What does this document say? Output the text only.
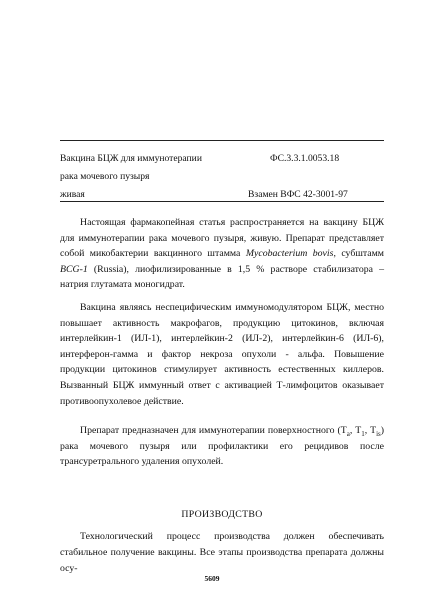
Вакцина БЦЖ для иммунотерапии	ФС.3.3.1.0053.18
рака мочевого пузыря
живая	Взамен ВФС 42-3001-97

Настоящая фармакопейная статья распространяется на вакцину БЦЖ для иммунотерапии рака мочевого пузыря, живую. Препарат представляет собой микобактерии вакцинного штамма Mycobacterium bovis, субштамм BCG-1 (Russia), лиофилизированные в 1,5 % растворе стабилизатора – натрия глутамата моногидрат.

Вакцина являясь неспецифическим иммуномодулятором БЦЖ, местно повышает активность макрофагов, продукцию цитокинов, включая интерлейкин-1 (ИЛ-1), интерлейкин-2 (ИЛ-2), интерлейкин-6 (ИЛ-6), интерферон-гамма и фактор некроза опухоли - альфа. Повышение продукции цитокинов стимулирует активность естественных киллеров. Вызванный БЦЖ иммунный ответ с активацией Т-лимфоцитов оказывает противоопухолевое действие.

Препарат предназначен для иммунотерапии поверхностного ($Т_а$, $Т_1$, $Т_{is}$) рака мочевого пузыря или профилактики его рецидивов после трансуретрального удаления опухолей.

ПРОИЗВОДСТВО

Технологический процесс производства должен обеспечивать стабильное получение вакцины. Все этапы производства препарата должны осу-

5609
